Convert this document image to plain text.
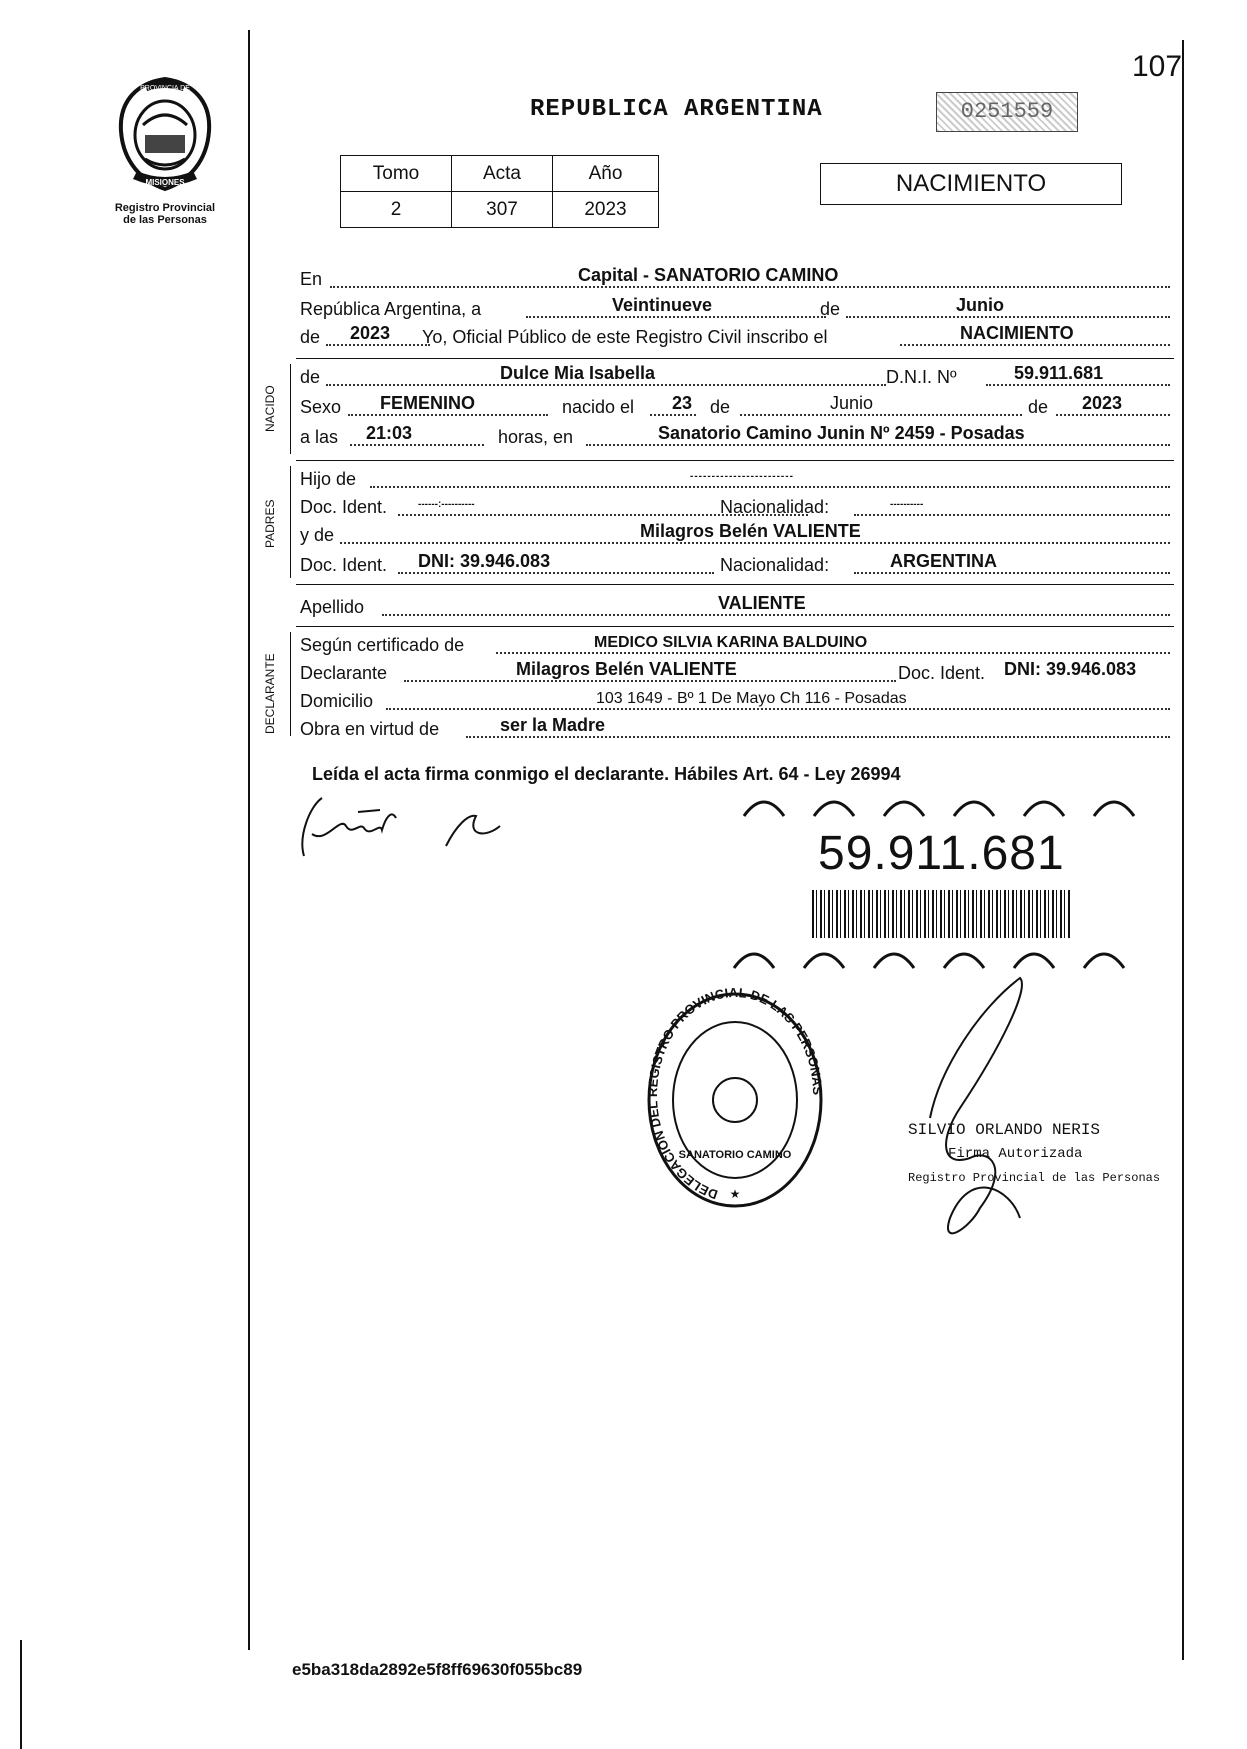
107
PROVINCIA DE
MISIONES
Registro Provincial
de las Personas
REPUBLICA ARGENTINA	0251559
Tomo	Acta	Año
2	307	2023
NACIMIENTO
En	Capital - SANATORIO CAMINO
República Argentina, a	Veintinueve	de	Junio
de 2023 Yo, Oficial Público de este Registro Civil inscribo el	NACIMIENTO
NACIDO
de	Dulce Mia Isabella	D.N.I. Nº	59.911.681
Sexo FEMENINO	nacido el 23 de	Junio	de 2023
a las 21:03	horas, en	Sanatorio Camino Junin Nº 2459 - Posadas
PADRES
Hijo de	------------------------
Doc. Ident.	------:----------	Nacionalidad:	----------
y de	Milagros Belén VALIENTE
Doc. Ident. DNI: 39.946.083	Nacionalidad:	ARGENTINA
Apellido	VALIENTE
DECLARANTE
Según certificado de	MEDICO SILVIA KARINA BALDUINO
Declarante	Milagros Belén VALIENTE	Doc. Ident. DNI: 39.946.083
Domicilio	103 1649 - Bº 1 De Mayo Ch 116 - Posadas
Obra en virtud de	ser la Madre
Leída el acta firma conmigo el declarante. Hábiles Art. 64 - Ley 26994
59.911.681
DELEGACION DEL REGISTRO PROVINCIAL DE LAS PERSONAS
SANATORIO CAMINO
★
SILVIO ORLANDO NERIS
Firma Autorizada
Registro Provincial de las Personas
e5ba318da2892e5f8ff69630f055bc89
